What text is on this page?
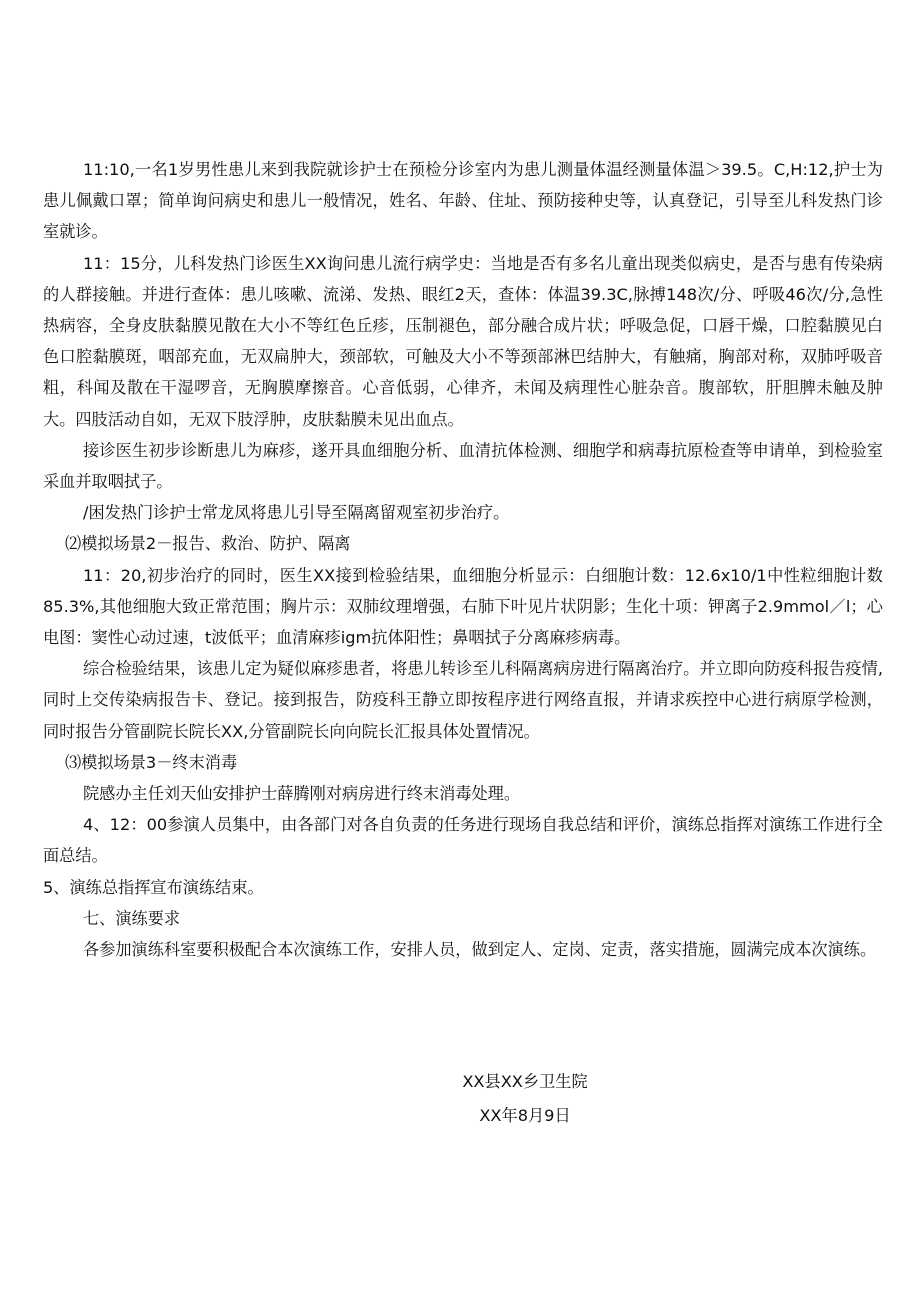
11:10,一名1岁男性患儿来到我院就诊护士在预检分诊室内为患儿测量体温经测量体温＞39.5。C,H:12,护士为患儿佩戴口罩；简单询问病史和患儿一般情况，姓名、年龄、住址、预防接种史等，认真登记，引导至儿科发热门诊室就诊。

11：15分，儿科发热门诊医生XX询问患儿流行病学史：当地是否有多名儿童出现类似病史，是否与患有传染病的人群接触。并进行查体：患儿咳嗽、流涕、发热、眼红2天，查体：体温39.3C,脉搏148次/分、呼吸46次/分,急性热病容，全身皮肤黏膜见散在大小不等红色丘疹，压制褪色，部分融合成片状；呼吸急促，口唇干燥，口腔黏膜见白色口腔黏膜斑，咽部充血，无双扁肿大，颈部软，可触及大小不等颈部淋巴结肿大，有触痛，胸部对称，双肺呼吸音粗，科闻及散在干湿啰音，无胸膜摩擦音。心音低弱，心律齐，未闻及病理性心脏杂音。腹部软，肝胆脾未触及肿大。四肢活动自如，无双下肢浮肿，皮肤黏膜未见出血点。

接诊医生初步诊断患儿为麻疹，遂开具血细胞分析、血清抗体检测、细胞学和病毒抗原检查等申请单，到检验室采血并取咽拭子。

∕困发热门诊护士常龙凤将患儿引导至隔离留观室初步治疗。

⑵模拟场景2－报告、救治、防护、隔离

11：20,初步治疗的同时，医生XX接到检验结果，血细胞分析显示：白细胞计数：12.6x10/1中性粒细胞计数85.3%,其他细胞大致正常范围；胸片示：双肺纹理增强，右肺下叶见片状阴影；生化十项：钾离子2.9mmol／l；心电图：窦性心动过速，t波低平；血清麻疹igm抗体阳性；鼻咽拭子分离麻疹病毒。

综合检验结果，该患儿定为疑似麻疹患者，将患儿转诊至儿科隔离病房进行隔离治疗。并立即向防疫科报告疫情,同时上交传染病报告卡、登记。接到报告，防疫科王静立即按程序进行网络直报，并请求疾控中心进行病原学检测，同时报告分管副院长院长XX,分管副院长向向院长汇报具体处置情况。

⑶模拟场景3－终末消毒

院感办主任刘天仙安排护士薛腾刚对病房进行终末消毒处理。

4、12：00参演人员集中，由各部门对各自负责的任务进行现场自我总结和评价，演练总指挥对演练工作进行全面总结。

5、演练总指挥宣布演练结束。

七、演练要求

各参加演练科室要积极配合本次演练工作，安排人员，做到定人、定岗、定责，落实措施，圆满完成本次演练。

XX县XX乡卫生院
XX年8月9日
